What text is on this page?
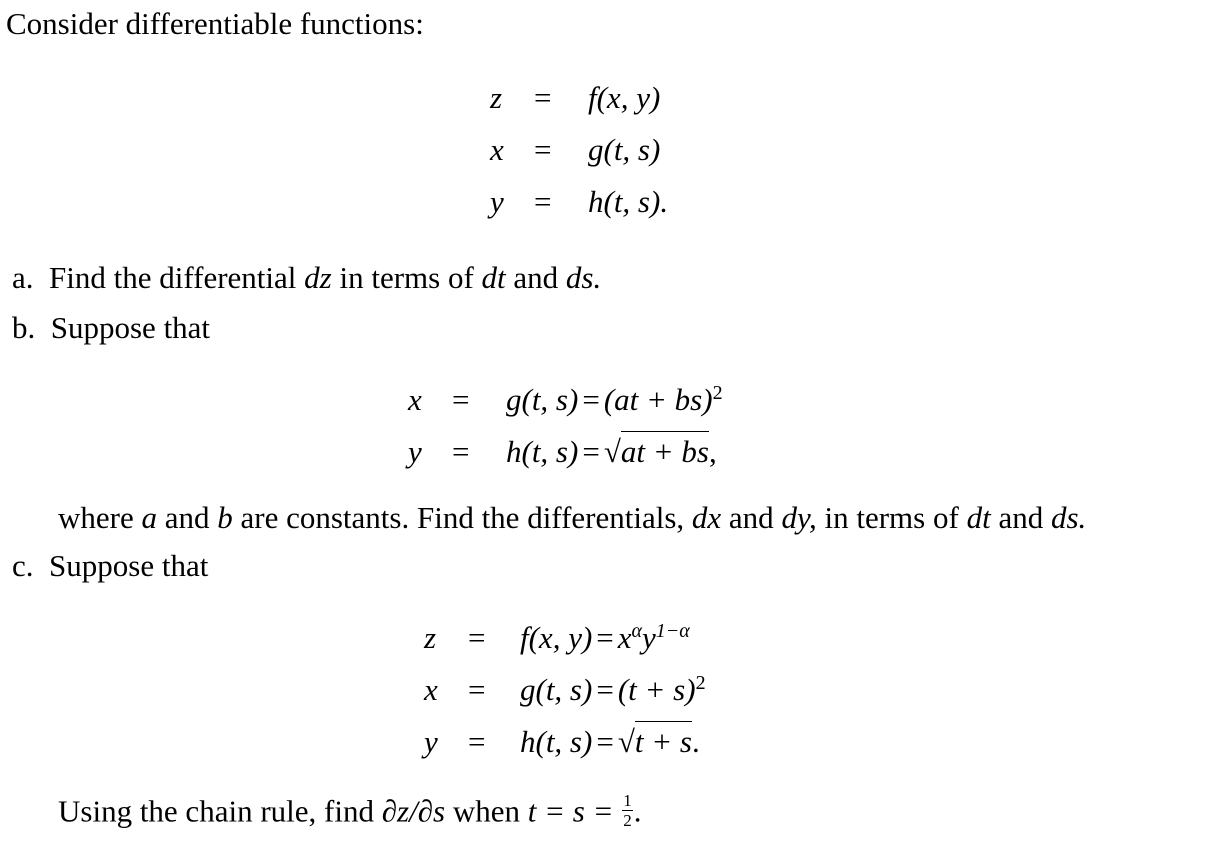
Consider differentiable functions:
z = f(x, y)
x = g(t, s)
y = h(t, s).
a. Find the differential dz in terms of dt and ds.
b. Suppose that
x = g(t, s) = (at + bs)$^2$
y = h(t, s) = √at + bs,
where a and b are constants. Find the differentials, dx and dy, in terms of dt and ds.
c. Suppose that
z = f(x, $y) = x^\alpha y^{1-\alpha}$
x = g(t, $s) = (t + s)^2$
y = h(t, s) = √t + s.
Using the chain rule, find ∂z/∂s when $t = s = \frac{1}{2}$ .
